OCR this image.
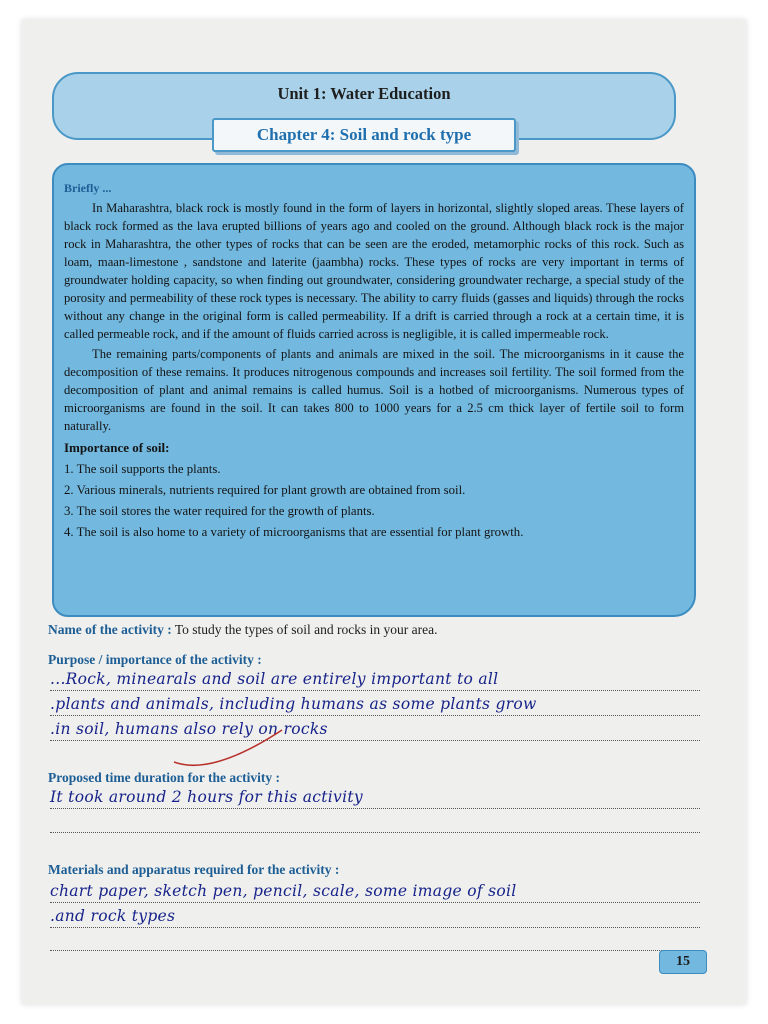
Unit 1: Water Education
Chapter 4: Soil and rock type
Briefly ...

In Maharashtra, black rock is mostly found in the form of layers in horizontal, slightly sloped areas. These layers of black rock formed as the lava erupted billions of years ago and cooled on the ground. Although black rock is the major rock in Maharashtra, the other types of rocks that can be seen are the eroded, metamorphic rocks of this rock. Such as loam, maan-limestone , sandstone and laterite (jaambha) rocks. These types of rocks are very important in terms of groundwater holding capacity, so when finding out groundwater, considering groundwater recharge, a special study of the porosity and permeability of these rock types is necessary. The ability to carry fluids (gasses and liquids) through the rocks without any change in the original form is called permeability. If a drift is carried through a rock at a certain time, it is called permeable rock, and if the amount of fluids carried across is negligible, it is called impermeable rock.

The remaining parts/components of plants and animals are mixed in the soil. The microorganisms in it cause the decomposition of these remains. It produces nitrogenous compounds and increases soil fertility. The soil formed from the decomposition of plant and animal remains is called humus. Soil is a hotbed of microorganisms. Numerous types of microorganisms are found in the soil. It can takes 800 to 1000 years for a 2.5 cm thick layer of fertile soil to form naturally.

Importance of soil:
1. The soil supports the plants.
2. Various minerals, nutrients required for plant growth are obtained from soil.
3. The soil stores the water required for the growth of plants.
4. The soil is also home to a variety of microorganisms that are essential for plant growth.
Name of the activity : To study the types of soil and rocks in your area.
Purpose / importance of the activity :
...Rock, minearals and soil are entirely important to all
.plants and animals, including humans as some plants grow
.in soil, humans also rely on rocks
Proposed time duration for the activity :
It took around 2 hours for this activity
Materials and apparatus required for the activity :
chart paper, sketch pen, pencil, scale, some image of soil
.and rock types
15
